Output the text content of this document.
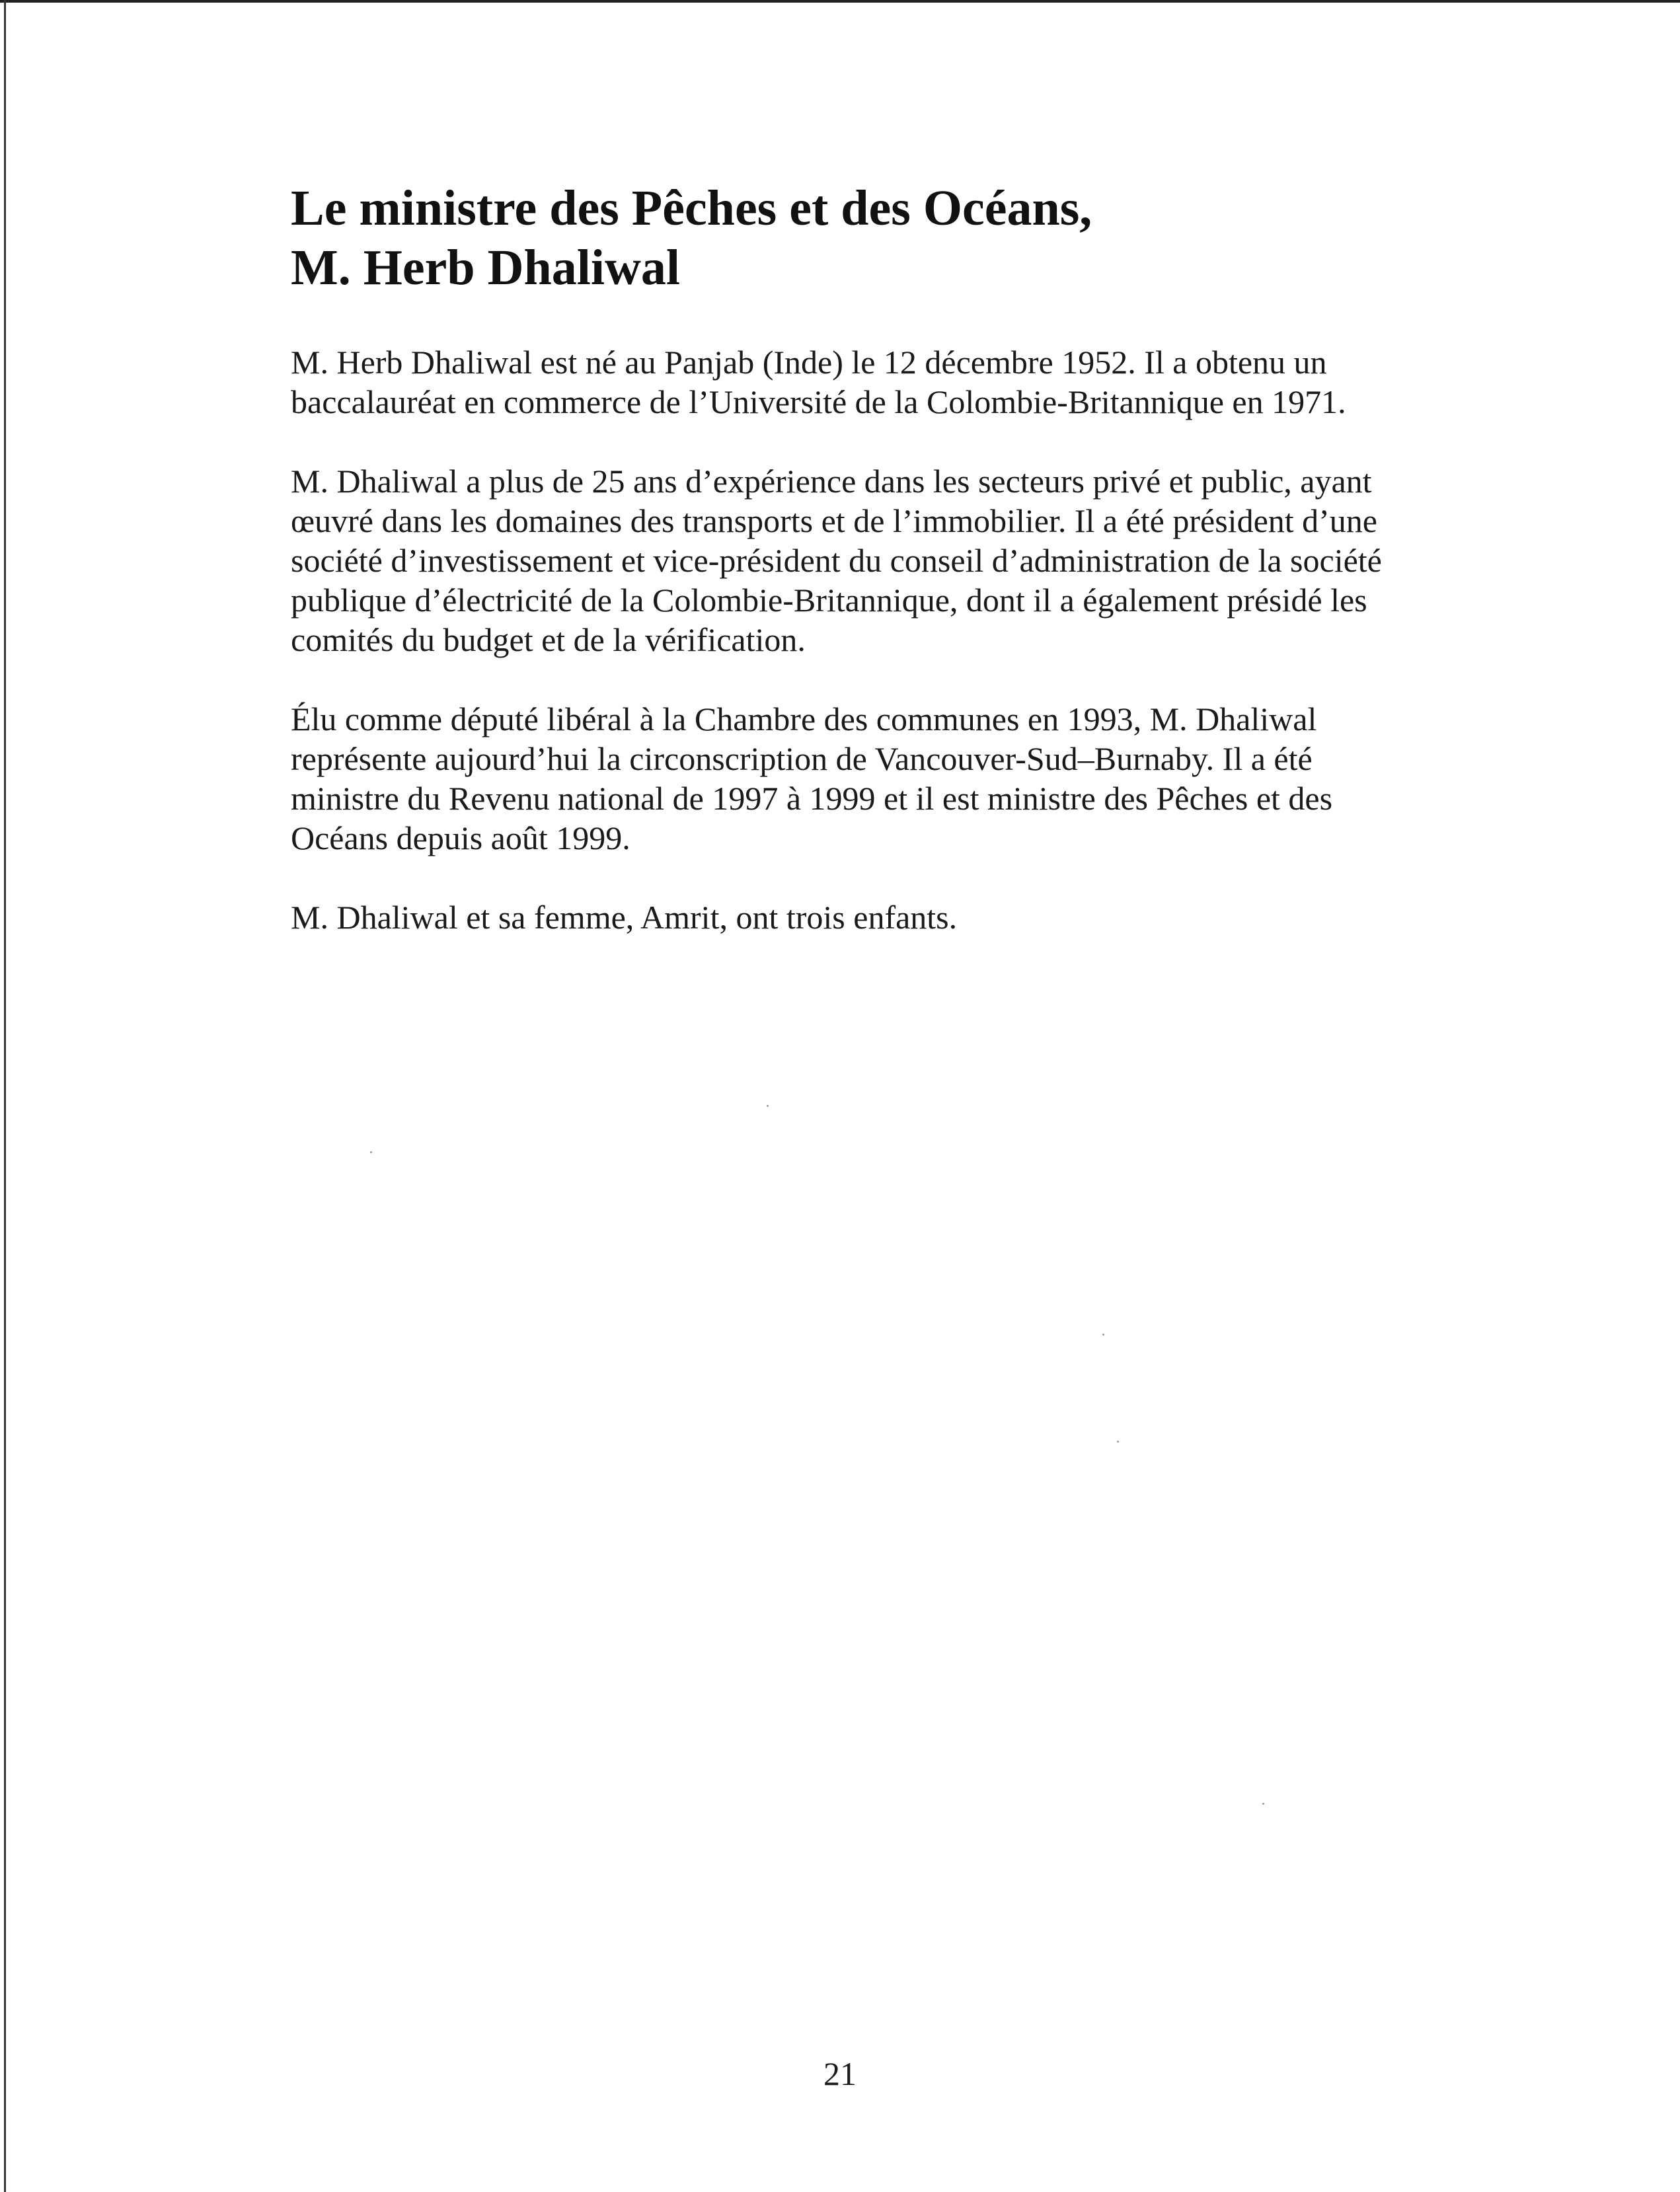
Le ministre des Pêches et des Océans,
M. Herb Dhaliwal

M. Herb Dhaliwal est né au Panjab (Inde) le 12 décembre 1952. Il a obtenu un
baccalauréat en commerce de l’Université de la Colombie-Britannique en 1971.

M. Dhaliwal a plus de 25 ans d’expérience dans les secteurs privé et public, ayant
œuvré dans les domaines des transports et de l’immobilier. Il a été président d’une
société d’investissement et vice-président du conseil d’administration de la société
publique d’électricité de la Colombie-Britannique, dont il a également présidé les
comités du budget et de la vérification.

Élu comme député libéral à la Chambre des communes en 1993, M. Dhaliwal
représente aujourd’hui la circonscription de Vancouver-Sud–Burnaby. Il a été
ministre du Revenu national de 1997 à 1999 et il est ministre des Pêches et des
Océans depuis août 1999.

M. Dhaliwal et sa femme, Amrit, ont trois enfants.

21
